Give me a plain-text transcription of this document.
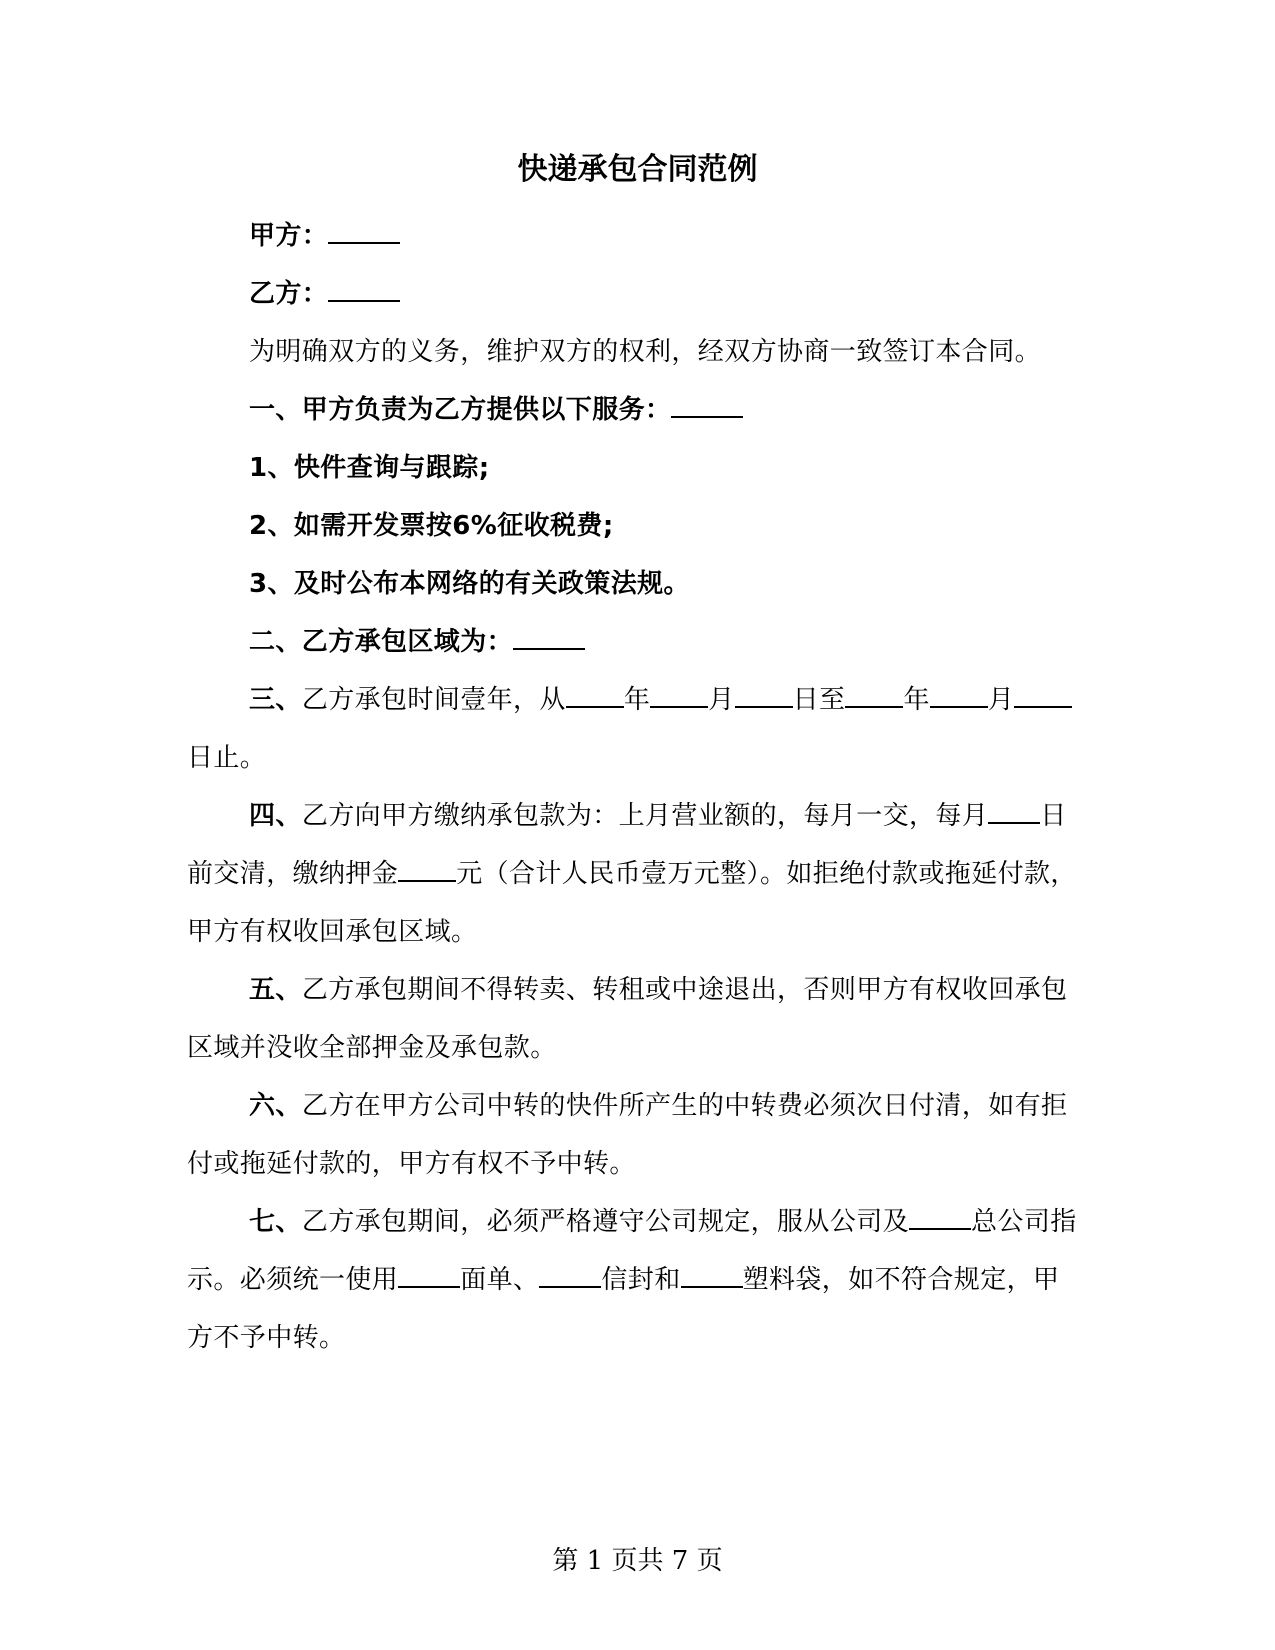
快递承包合同范例

甲方：

乙方：

为明确双方的义务，维护双方的权利，经双方协商一致签订本合同。

一、甲方负责为乙方提供以下服务：

1、快件查询与跟踪;

2、如需开发票按6%征收税费;

3、及时公布本网络的有关政策法规。

二、乙方承包区域为：

三、乙方承包时间壹年，从 年 月 日至 年 月日止。

四、乙方向甲方缴纳承包款为：上月营业额的，每月一交，每月 日前交清，缴纳押金 元（合计人民币壹万元整）。如拒绝付款或拖延付款，甲方有权收回承包区域。

五、乙方承包期间不得转卖、转租或中途退出，否则甲方有权收回承包区域并没收全部押金及承包款。

六、乙方在甲方公司中转的快件所产生的中转费必须次日付清，如有拒付或拖延付款的，甲方有权不予中转。

七、乙方承包期间，必须严格遵守公司规定，服从公司及 总公司指示。必须统一使用 面单、 信封和 塑料袋，如不符合规定，甲方不予中转。

第 1 页共 7 页
